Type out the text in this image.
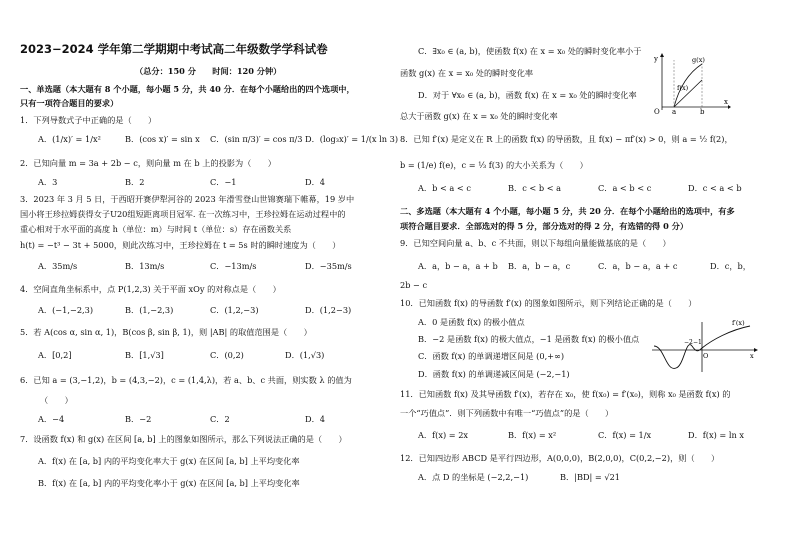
2023−2024 学年第二学期期中考试高二年级数学学科试卷
（总分：150 分　　时间：120 分钟）
一、单选题（本大题有 8 个小题，每小题 5 分，共 40 分．在每个小题给出的四个选项中，
只有一项符合题目的要求）
1．下列导数式子中正确的是（　　）
A．(1/x)′ = 1/x²	B．(cos x)′ = sin x C．(sin π/3)′ = cos π/3 D．(log₃x)′ = 1/(x ln 3)
2．已知向量 m = 3a + 2b − c，则向量 m 在 b 上的投影为（　　）
A．3	B．2	C．−1	D．4
3．2023 年 3 月 5 日，于西昭开赛伊犁河谷的 2023 年滑雪登山世锦赛瑞下帷幕，19 岁中
国小将王珍拉姆获得女子U20组短距离项目冠军. 在一次练习中，王珍拉姆在运动过程中的
重心相对于水平面的高度 h（单位：m）与时间 t（单位：s）存在函数关系
h(t) = −t³ − 3t + 5000，则此次练习中，王珍拉姆在 t = 5s 时的瞬时速度为（　　）
A．35m/s	B．13m/s	C．−13m/s	D．−35m/s
4．空间直角坐标系中，点 P(1,2,3) 关于平面 xOy 的对称点是（　　）
A．(−1,−2,3)	B．(1,−2,3)	C．(1,2,−3)	D．(1,2−3)
5．若 A(cos α, sin α, 1)，B(cos β, sin β, 1)，则 |AB| 的取值范围是（　　）
A．[0,2]	B．[1,√3]	C．(0,2)	D．(1,√3)
6．已知 a = (3,−1,2)，b = (4,3,−2)，c = (1,4,λ)，若 a、b、c 共面，则实数 λ 的值为
（　　）
A．−4	B．−2	C．2	D．4
7．设函数 f(x) 和 g(x) 在区间 [a, b] 上的图象如图所示，那么下列说法正确的是（　　）
A．f(x) 在 [a, b] 内的平均变化率大于 g(x) 在区间 [a, b] 上平均变化率
B．f(x) 在 [a, b] 内的平均变化率小于 g(x) 在区间 [a, b] 上平均变化率
C．∃x₀ ∈ (a, b)，使函数 f(x) 在 x = x₀ 处的瞬时变化率小于
函数 g(x) 在 x = x₀ 处的瞬时变化率
D．对于 ∀x₀ ∈ (a, b)，函数 f(x) 在 x = x₀ 处的瞬时变化率
总大于函数 g(x) 在 x = x₀ 处的瞬时变化率
y
x
g(x)
f(x)
O a	b
8．已知 f′(x) 是定义在 R 上的函数 f(x) 的导函数，且 f(x) − πf′(x) > 0，则 a = ½ f(2)，
b = (1/e) f(e)，c = ⅓ f(3) 的大小关系为（　　）
A．b < a < c	B．c < b < a	C．a < b < c	D．c < a < b
二、多选题（本大题有 4 个小题，每小题 5 分，共 20 分．在每个小题给出的选项中，有多
项符合题目要求．全部选对的得 5 分，部分选对的得 2 分，有选错的得 0 分）
9．已知空间向量 a、b、c 不共面，则以下每组向量能做基底的是（　　）
A．a，b − a，a + b B．a，b − a，c	C．a，b − a，a + c	D．c，b，
2b − c
10．已知函数 f(x) 的导函数 f′(x) 的图象如图所示，则下列结论正确的是（　　）
A．0 是函数 f(x) 的极小值点
B．−2 是函数 f(x) 的极大值点，−1 是函数 f(x) 的极小值点
C．函数 f(x) 的单调递增区间是 (0,+∞)
D．函数 f(x) 的单调递减区间是 (−2,−1)
f′(x)
−2 −1
O	x
11．已知函数 f(x) 及其导函数 f′(x)，若存在 x₀，使 f(x₀) = f′(x₀)，则称 x₀ 是函数 f(x) 的
一个“巧值点”．则下列函数中有唯一“巧值点”的是（　　）
A．f(x) = 2x	B．f(x) = x²	C．f(x) = 1/x	D．f(x) = ln x
12．已知四边形 ABCD 是平行四边形，A(0,0,0)，B(2,0,0)，C(0,2,−2)，则（　　）
A．点 D 的坐标是 (−2,2,−1)	B．|BD| = √21
